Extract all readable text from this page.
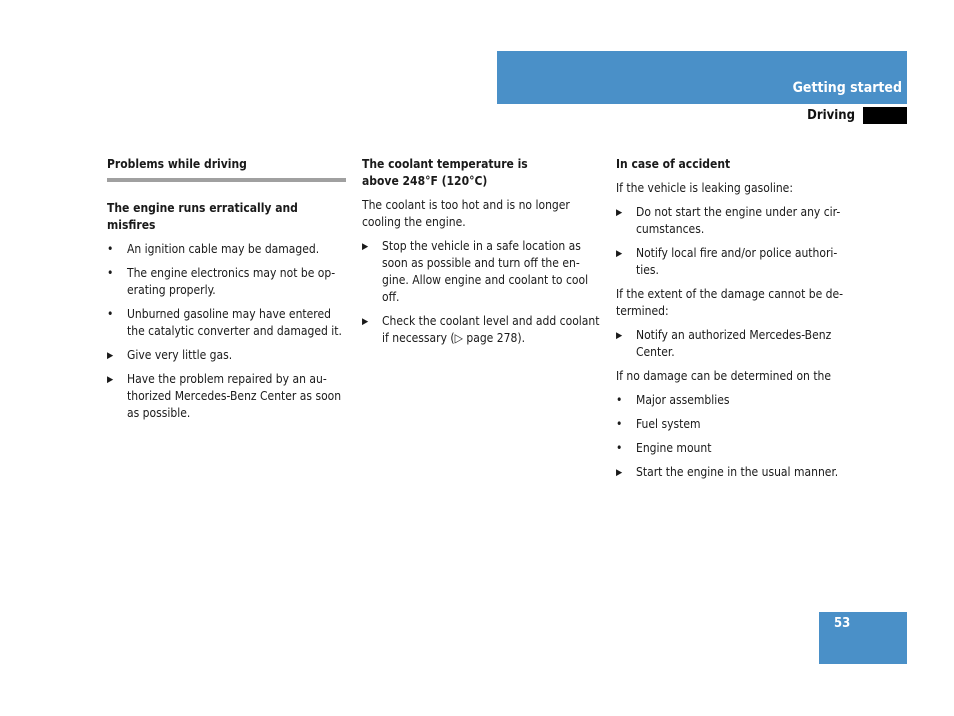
Getting started
Driving
Problems while driving
The engine runs erratically and misfires
•	An ignition cable may be damaged.
•	The engine electronics may not be op-erating properly.
•	Unburned gasoline may have entered the catalytic converter and damaged it.
▶	Give very little gas.
▶	Have the problem repaired by an au-thorized Mercedes-Benz Center as soon as possible.
The coolant temperature is
above 248°F (120°C)

The coolant is too hot and is no longer cooling the engine.

▶	Stop the vehicle in a safe location as soon as possible and turn off the en-gine. Allow engine and coolant to cool off.
▶	Check the coolant level and add coolant if necessary (▷ page 278).
In case of accident

If the vehicle is leaking gasoline:

▶	Do not start the engine under any cir-cumstances.
▶	Notify local fire and/or police authori-ties.

If the extent of the damage cannot be de-termined:

▶	Notify an authorized Mercedes-Benz Center.

If no damage can be determined on the

•	Major assemblies
•	Fuel system
•	Engine mount
▶	Start the engine in the usual manner.
53
